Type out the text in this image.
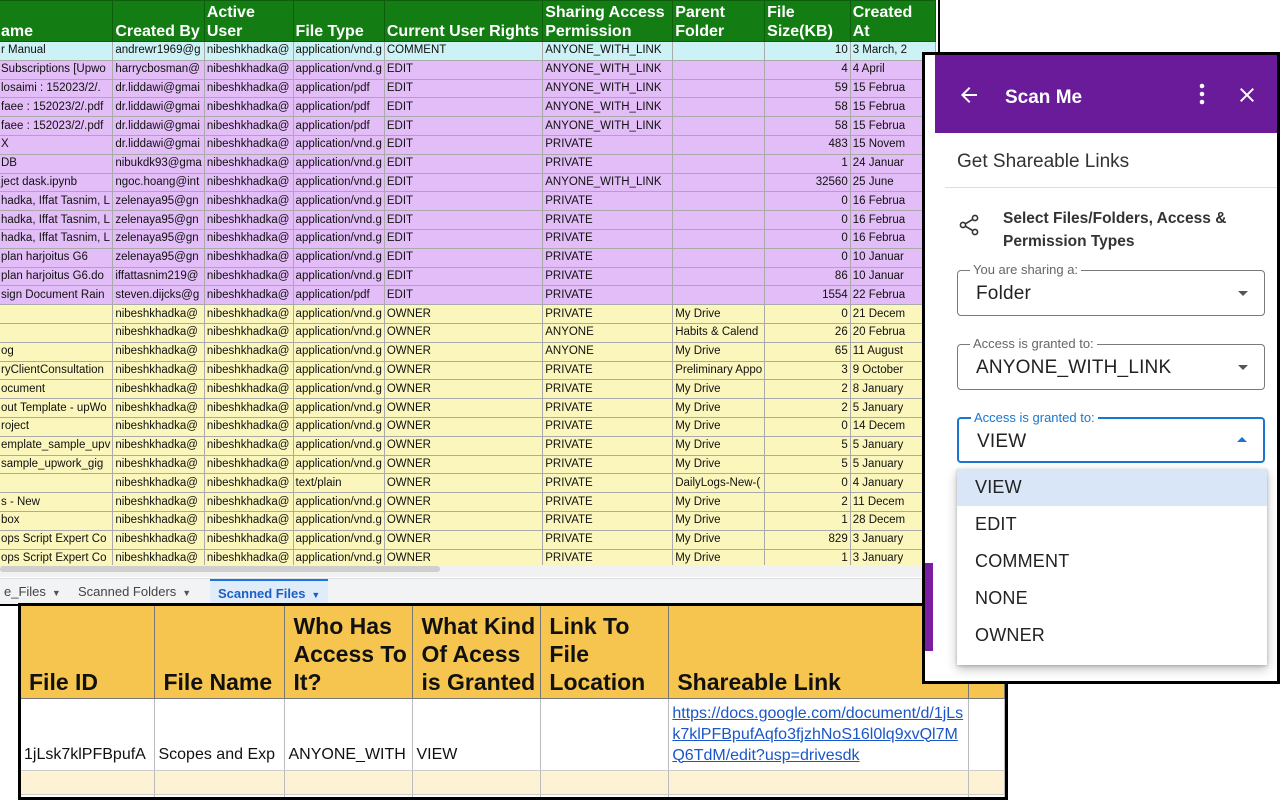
ame	Created By	Active User	File Type	Current User Rights	Sharing Access Permission	Parent Folder	File Size(KB)	Created At
r Manual	andrewr1969@g	nibeshkhadka@	application/vnd.g	COMMENT	ANYONE_WITH_LINK		10	3 March, 2
Subscriptions [Upwo	harrycbosman@	nibeshkhadka@	application/vnd.g	EDIT	ANYONE_WITH_LINK		4	4 April
losaimi : 152023/2/.	dr.liddawi@gmai	nibeshkhadka@	application/pdf	EDIT	ANYONE_WITH_LINK		59	15 Februa
faee : 152023/2/.pdf	dr.liddawi@gmai	nibeshkhadka@	application/pdf	EDIT	ANYONE_WITH_LINK		58	15 Februa
faee : 152023/2/.pdf	dr.liddawi@gmai	nibeshkhadka@	application/pdf	EDIT	ANYONE_WITH_LINK		58	15 Februa
X	dr.liddawi@gmai	nibeshkhadka@	application/vnd.g	EDIT	PRIVATE		483	15 Novem
DB	nibukdk93@gma	nibeshkhadka@	application/vnd.g	EDIT	PRIVATE		1	24 Januar
ject dask.ipynb	ngoc.hoang@int	nibeshkhadka@	application/vnd.g	EDIT	ANYONE_WITH_LINK		32560	25 June
hadka, Iffat Tasnim, L	zelenaya95@gn	nibeshkhadka@	application/vnd.g	EDIT	PRIVATE		0	16 Februa
hadka, Iffat Tasnim, L	zelenaya95@gn	nibeshkhadka@	application/vnd.g	EDIT	PRIVATE		0	16 Februa
hadka, Iffat Tasnim, L	zelenaya95@gn	nibeshkhadka@	application/vnd.g	EDIT	PRIVATE		0	16 Februa
plan harjoitus G6	zelenaya95@gn	nibeshkhadka@	application/vnd.g	EDIT	PRIVATE		0	10 Januar
plan harjoitus G6.do	iffattasnim219@	nibeshkhadka@	application/vnd.g	EDIT	PRIVATE		86	10 Januar
sign Document Rain	steven.dijcks@g	nibeshkhadka@	application/pdf	EDIT	PRIVATE		1554	22 Februa
	nibeshkhadka@	nibeshkhadka@	application/vnd.g	OWNER	PRIVATE	My Drive	0	21 Decem
	nibeshkhadka@	nibeshkhadka@	application/vnd.g	OWNER	ANYONE	Habits & Calend	26	20 Februa
og	nibeshkhadka@	nibeshkhadka@	application/vnd.g	OWNER	ANYONE	My Drive	65	11 August
ryClientConsultation	nibeshkhadka@	nibeshkhadka@	application/vnd.g	OWNER	PRIVATE	Preliminary Appo	3	9 October
ocument	nibeshkhadka@	nibeshkhadka@	application/vnd.g	OWNER	PRIVATE	My Drive	2	8 January
out Template - upWo	nibeshkhadka@	nibeshkhadka@	application/vnd.g	OWNER	PRIVATE	My Drive	2	5 January
roject	nibeshkhadka@	nibeshkhadka@	application/vnd.g	OWNER	PRIVATE	My Drive	0	14 Decem
emplate_sample_upv	nibeshkhadka@	nibeshkhadka@	application/vnd.g	OWNER	PRIVATE	My Drive	5	5 January
sample_upwork_gig	nibeshkhadka@	nibeshkhadka@	application/vnd.g	OWNER	PRIVATE	My Drive	5	5 January
	nibeshkhadka@	nibeshkhadka@	text/plain	OWNER	PRIVATE	DailyLogs-New-(	0	4 January
s - New	nibeshkhadka@	nibeshkhadka@	application/vnd.g	OWNER	PRIVATE	My Drive	2	11 Decem
box	nibeshkhadka@	nibeshkhadka@	application/vnd.g	OWNER	PRIVATE	My Drive	1	28 Decem
ops Script Expert Co	nibeshkhadka@	nibeshkhadka@	application/vnd.g	OWNER	PRIVATE	My Drive	829	3 January
ops Script Expert Co	nibeshkhadka@	nibeshkhadka@	application/vnd.g	OWNER	PRIVATE	My Drive	1	3 January
e_Files ▼	Scanned Folders ▼	Scanned Files ▼
File ID	File Name	Who Has Access To It?	What Kind Of Acess is Granted	Link To File Location	Shareable Link	
1jLsk7klPFBpufA	Scopes and Exp	ANYONE_WITH	VIEW		https://docs.google.com/document/d/1jLsk7klPFBpufAqfo3fjzhNoS16l0lq9xvQl7MQ6TdM/edit?usp=drivesdk	

Scan Me
Get Shareable Links
Select Files/Folders, Access & Permission Types
You are sharing a:
Folder
Access is granted to:
ANYONE_WITH_LINK
Access is granted to:
VIEW
VIEW
EDIT
COMMENT
NONE
OWNER
